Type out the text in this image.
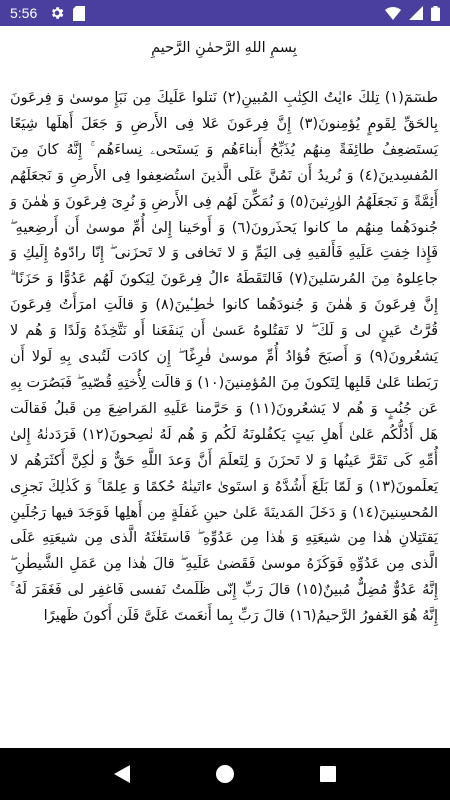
5:56
بِسمِ اللهِ الرَّحمٰنِ الرَّحيمِ
طسٓمٓ(١) تِلكَ ءايٰتُ الكِتٰبِ المُبينِ(٢) نَتلوا عَلَيكَ مِن نَبَإِ موسىٰ وَ فِرعَونَ بِالحَقِّ لِقَومٍ يُؤمِنونَ(٣) إِنَّ فِرعَونَ عَلا فِى الأَرضِ وَ جَعَلَ أَهلَها شِيَعًا يَستَضعِفُ طائِفَةً مِنهُم يُذَبِّحُ أَبناءَهُم وَ يَستَحىۦ نِساءَهُم ۚ إِنَّهُ كانَ مِنَ المُفسِدينَ(٤) وَ نُريدُ أَن نَمُنَّ عَلَى الَّذينَ استُضعِفوا فِى الأَرضِ وَ نَجعَلَهُم أَئِمَّةً وَ نَجعَلَهُمُ الوٰرِثينَ(٥) وَ نُمَكِّنَ لَهُم فِى الأَرضِ وَ نُرِىَ فِرعَونَ وَ هٰمٰنَ وَ جُنودَهُما مِنهُم ما كانوا يَحذَرونَ(٦) وَ أَوحَينا إِلىٰ أُمِّ موسىٰ أَن أَرضِعيهِ ۖ فَإِذا خِفتِ عَلَيهِ فَأَلقيهِ فِى اليَمِّ وَ لا تَخافى وَ لا تَحزَنى ۖ إِنّا رادّوهُ إِلَيكِ وَ جاعِلوهُ مِنَ المُرسَلينَ(٧) فَالتَقَطَهُ ءالُ فِرعَونَ لِيَكونَ لَهُم عَدُوًّا وَ حَزَنًا ۗ إِنَّ فِرعَونَ وَ هٰمٰنَ وَ جُنودَهُما كانوا خٰطِـٔينَ(٨) وَ قالَتِ امرَأَتُ فِرعَونَ قُرَّتُ عَينٍ لى وَ لَكَ ۖ لا تَقتُلوهُ عَسىٰ أَن يَنفَعَنا أَو نَتَّخِذَهُ وَلَدًا وَ هُم لا يَشعُرونَ(٩) وَ أَصبَحَ فُؤادُ أُمِّ موسىٰ فٰرِغًا ۖ إِن كادَت لَتُبدى بِهِ لَولا أَن رَبَطنا عَلىٰ قَلبِها لِتَكونَ مِنَ المُؤمِنينَ(١٠) وَ قالَت لِأُختِهِ قُصّيهِ ۖ فَبَصُرَت بِهِ عَن جُنُبٍ وَ هُم لا يَشعُرونَ(١١) وَ حَرَّمنا عَلَيهِ المَراضِعَ مِن قَبلُ فَقالَت هَل أَدُلُّكُم عَلىٰ أَهلِ بَيتٍ يَكفُلونَهُ لَكُم وَ هُم لَهُ نٰصِحونَ(١٢) فَرَدَدنٰهُ إِلىٰ أُمِّهِ كَى تَقَرَّ عَينُها وَ لا تَحزَنَ وَ لِتَعلَمَ أَنَّ وَعدَ اللَّهِ حَقٌّ وَ لٰكِنَّ أَكثَرَهُم لا يَعلَمونَ(١٣) وَ لَمّا بَلَغَ أَشُدَّهُ وَ استَوىٰ ءاتَينٰهُ حُكمًا وَ عِلمًا ۚ وَ كَذٰلِكَ نَجزِى المُحسِنينَ(١٤) وَ دَخَلَ المَدينَةَ عَلىٰ حينِ غَفلَةٍ مِن أَهلِها فَوَجَدَ فيها رَجُلَينِ يَقتَتِلانِ هٰذا مِن شيعَتِهِ وَ هٰذا مِن عَدُوِّهِ ۖ فَاستَغٰثَهُ الَّذى مِن شيعَتِهِ عَلَى الَّذى مِن عَدُوِّهِ فَوَكَزَهُ موسىٰ فَقَضىٰ عَلَيهِ ۖ قالَ هٰذا مِن عَمَلِ الشَّيطٰنِ ۖ إِنَّهُ عَدُوٌّ مُضِلٌّ مُبينٌ(١٥) قالَ رَبِّ إِنّى ظَلَمتُ نَفسى فَاغفِر لى فَغَفَرَ لَهُ ۚ إِنَّهُ هُوَ الغَفورُ الرَّحيمُ(١٦) قالَ رَبِّ بِما أَنعَمتَ عَلَىَّ فَلَن أَكونَ ظَهيرًا
